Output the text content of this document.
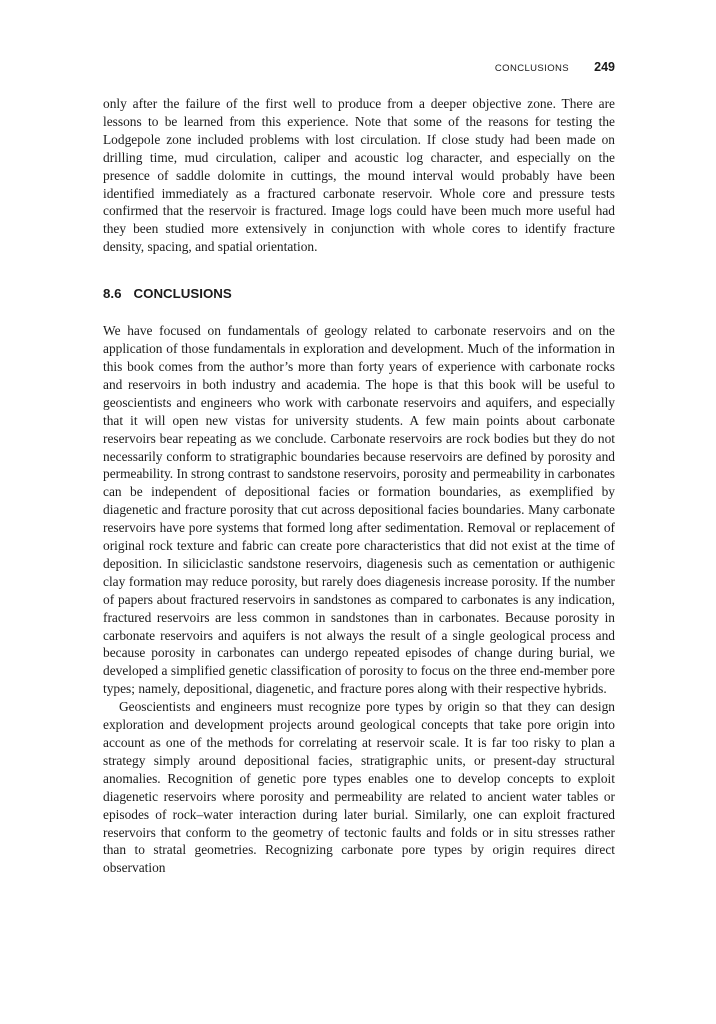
CONCLUSIONS 249

only after the failure of the first well to produce from a deeper objective zone. There are lessons to be learned from this experience. Note that some of the reasons for testing the Lodgepole zone included problems with lost circulation. If close study had been made on drilling time, mud circulation, caliper and acoustic log character, and especially on the presence of saddle dolomite in cuttings, the mound interval would probably have been identified immediately as a fractured carbonate reservoir. Whole core and pressure tests confirmed that the reservoir is fractured. Image logs could have been much more useful had they been studied more extensively in conjunction with whole cores to identify fracture density, spacing, and spatial orientation.

8.6 CONCLUSIONS

We have focused on fundamentals of geology related to carbonate reservoirs and on the application of those fundamentals in exploration and development. Much of the information in this book comes from the author’s more than forty years of experience with carbonate rocks and reservoirs in both industry and academia. The hope is that this book will be useful to geoscientists and engineers who work with carbonate reservoirs and aquifers, and especially that it will open new vistas for university students. A few main points about carbonate reservoirs bear repeating as we conclude. Carbonate reservoirs are rock bodies but they do not necessarily conform to stratigraphic boundaries because reservoirs are defined by porosity and permeability. In strong contrast to sandstone reservoirs, porosity and permeability in carbonates can be independent of depositional facies or formation boundaries, as exemplified by diagenetic and fracture porosity that cut across depositional facies boundaries. Many carbonate reservoirs have pore systems that formed long after sedimentation. Removal or replacement of original rock texture and fabric can create pore characteristics that did not exist at the time of deposition. In siliciclastic sandstone reservoirs, diagenesis such as cementation or authigenic clay formation may reduce porosity, but rarely does diagenesis increase porosity. If the number of papers about fractured reservoirs in sandstones as compared to carbonates is any indication, fractured reservoirs are less common in sandstones than in carbonates. Because porosity in carbonate reservoirs and aquifers is not always the result of a single geological process and because porosity in carbonates can undergo repeated episodes of change during burial, we developed a simplified genetic classification of porosity to focus on the three end-member pore types; namely, depositional, diagenetic, and fracture pores along with their respective hybrids.

Geoscientists and engineers must recognize pore types by origin so that they can design exploration and development projects around geological concepts that take pore origin into account as one of the methods for correlating at reservoir scale. It is far too risky to plan a strategy simply around depositional facies, stratigraphic units, or present-day structural anomalies. Recognition of genetic pore types enables one to develop concepts to exploit diagenetic reservoirs where porosity and permeability are related to ancient water tables or episodes of rock–water interaction during later burial. Similarly, one can exploit fractured reservoirs that conform to the geometry of tectonic faults and folds or in situ stresses rather than to stratal geometries. Recognizing carbonate pore types by origin requires direct observation
